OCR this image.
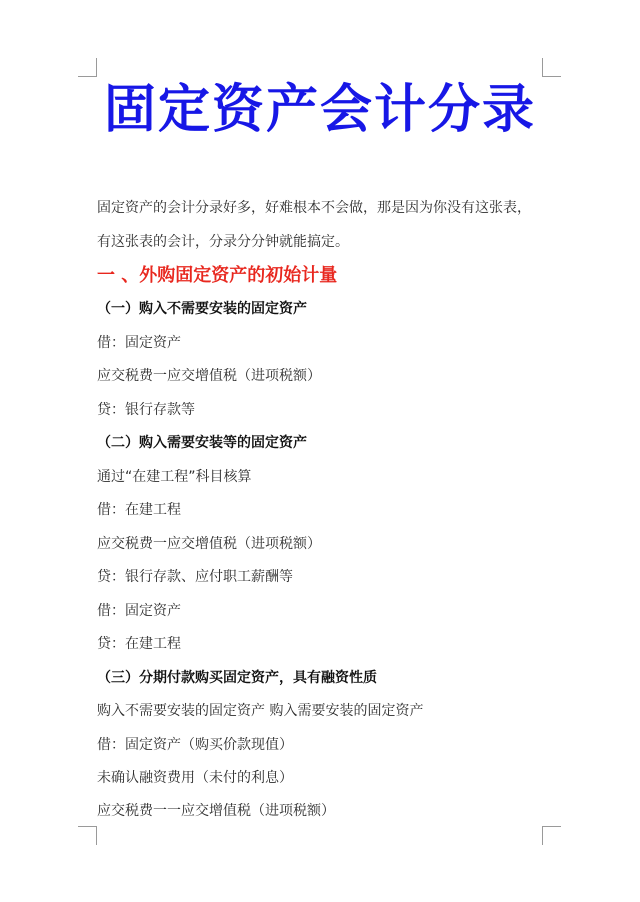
固定资产会计分录
固定资产的会计分录好多，好难根本不会做，那是因为你没有这张表，
有这张表的会计，分录分分钟就能搞定。
一 、外购固定资产的初始计量
（一）购入不需要安装的固定资产
借：固定资产
应交税费一应交增值税（进项税额）
贷：银行存款等
（二）购入需要安装等的固定资产
通过“在建工程”科目核算
借：在建工程
应交税费一应交增值税（进项税额）
贷：银行存款、应付职工薪酬等
借：固定资产
贷：在建工程
（三）分期付款购买固定资产，具有融资性质
购入不需要安装的固定资产 购入需要安装的固定资产
借：固定资产（购买价款现值）
未确认融资费用（未付的利息）
应交税费一一应交增值税（进项税额）
